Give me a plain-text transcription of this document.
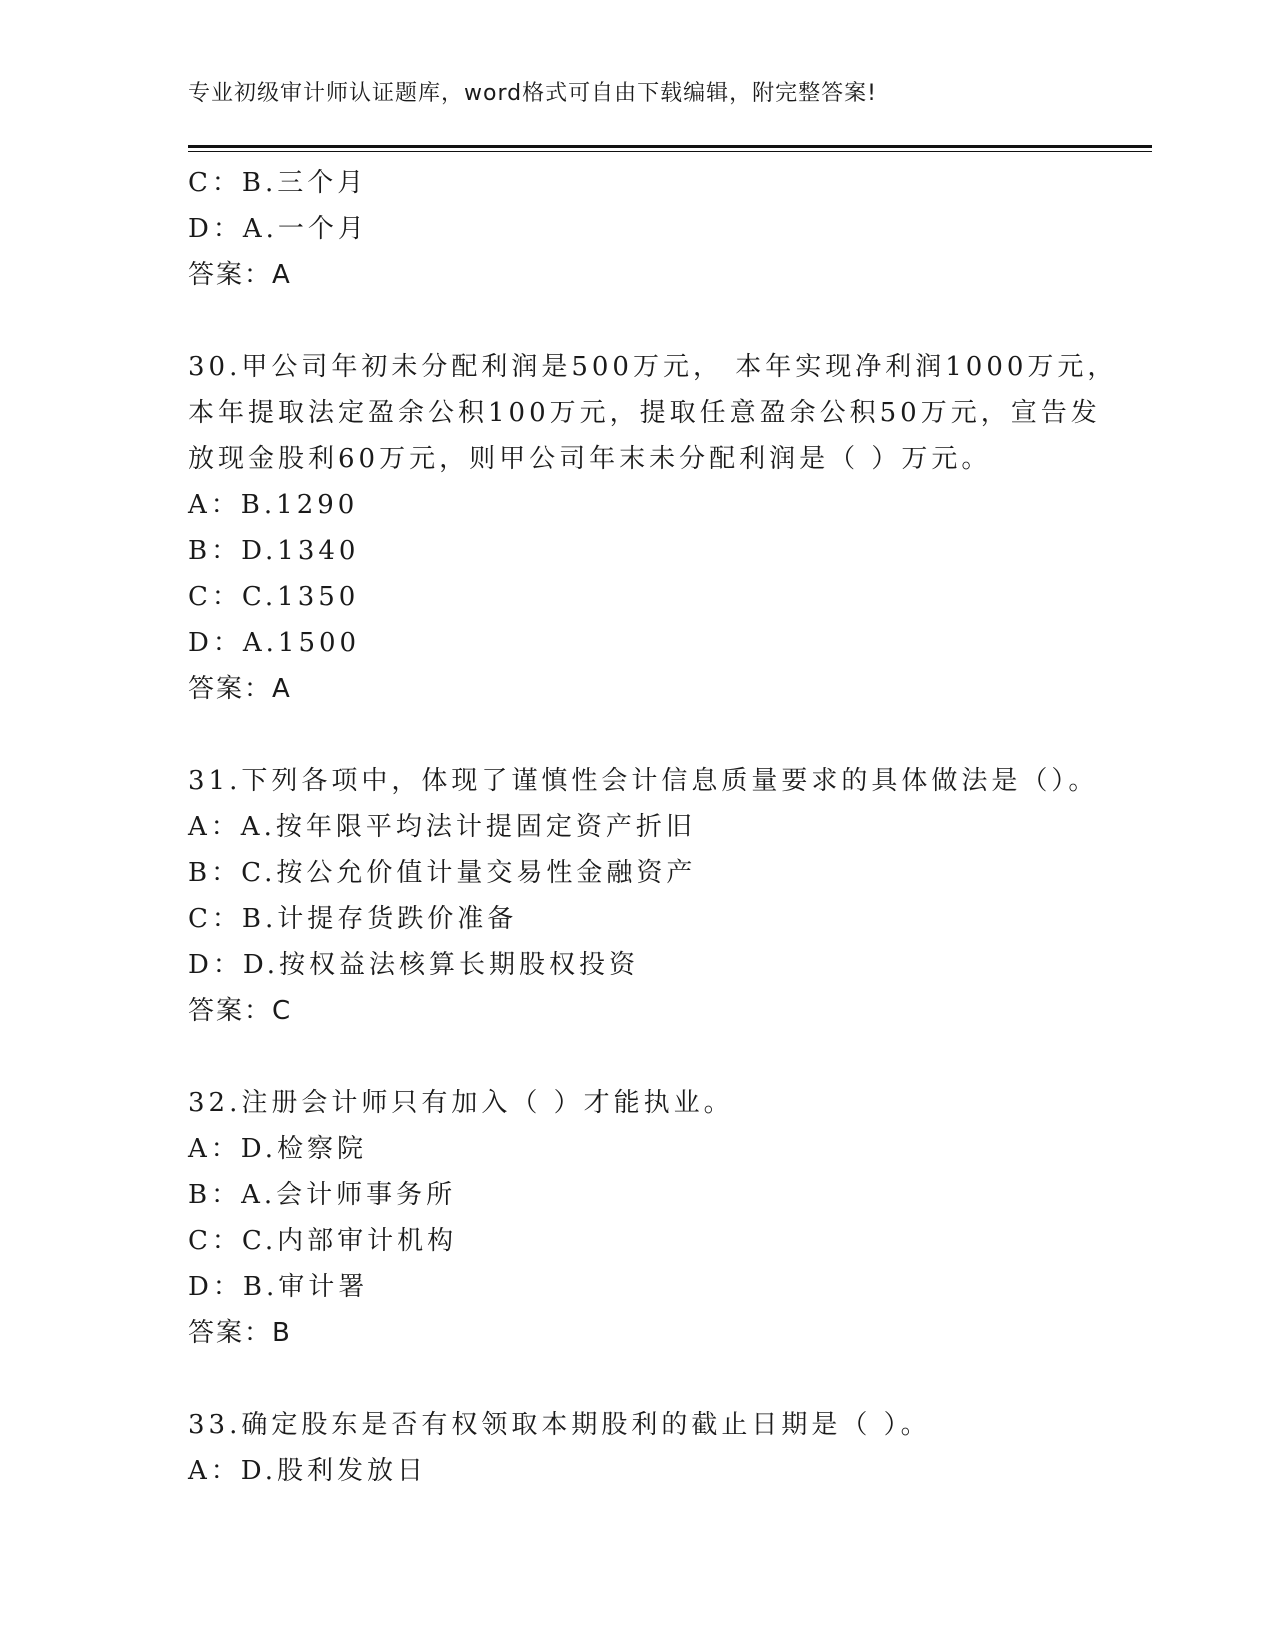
专业初级审计师认证题库，word格式可自由下载编辑，附完整答案!
C：B.三个月
D：A.一个月
答案：A
30.甲公司年初未分配利润是500万元， 本年实现净利润1000万元，
本年提取法定盈余公积100万元，提取任意盈余公积50万元，宣告发
放现金股利60万元，则甲公司年末未分配利润是（ ）万元。
A：B.1290
B：D.1340
C：C.1350
D：A.1500
答案：A
31.下列各项中，体现了谨慎性会计信息质量要求的具体做法是（）。
A：A.按年限平均法计提固定资产折旧
B：C.按公允价值计量交易性金融资产
C：B.计提存货跌价准备
D：D.按权益法核算长期股权投资
答案：C
32.注册会计师只有加入（ ）才能执业。
A：D.检察院
B：A.会计师事务所
C：C.内部审计机构
D：B.审计署
答案：B
33.确定股东是否有权领取本期股利的截止日期是（ ）。
A：D.股利发放日
